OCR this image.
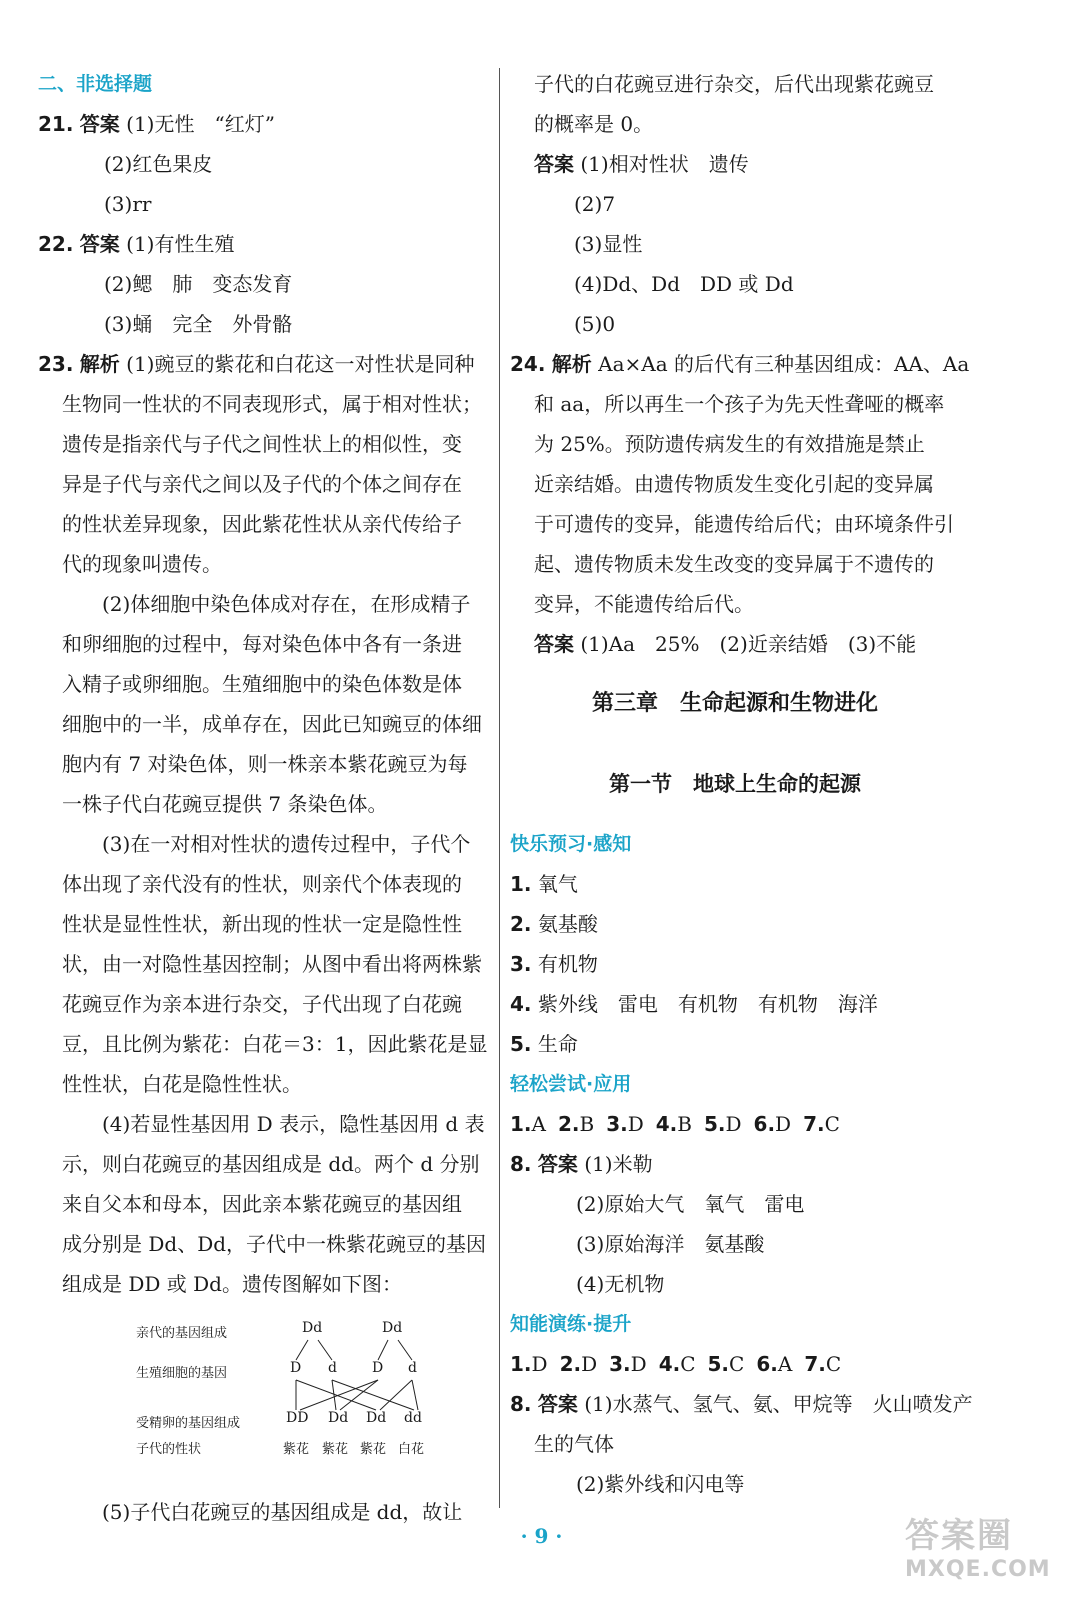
二、非选择题
21. 答案 (1)无性　“红灯”
(2)红色果皮
(3)rr
22. 答案 (1)有性生殖
(2)鳃　肺　变态发育
(3)蛹　完全　外骨骼
23. 解析 (1)豌豆的紫花和白花这一对性状是同种
生物同一性状的不同表现形式，属于相对性状；
遗传是指亲代与子代之间性状上的相似性，变
异是子代与亲代之间以及子代的个体之间存在
的性状差异现象，因此紫花性状从亲代传给子
代的现象叫遗传。
(2)体细胞中染色体成对存在，在形成精子
和卵细胞的过程中，每对染色体中各有一条进
入精子或卵细胞。生殖细胞中的染色体数是体
细胞中的一半，成单存在，因此已知豌豆的体细
胞内有 7 对染色体，则一株亲本紫花豌豆为每
一株子代白花豌豆提供 7 条染色体。
(3)在一对相对性状的遗传过程中，子代个
体出现了亲代没有的性状，则亲代个体表现的
性状是显性性状，新出现的性状一定是隐性性
状，由一对隐性基因控制；从图中看出将两株紫
花豌豆作为亲本进行杂交，子代出现了白花豌
豆，且比例为紫花：白花＝3：1，因此紫花是显
性性状，白花是隐性性状。
(4)若显性基因用 D 表示，隐性基因用 d 表
示，则白花豌豆的基因组成是 dd。两个 d 分别
来自父本和母本，因此亲本紫花豌豆的基因组
成分别是 Dd、Dd，子代中一株紫花豌豆的基因
组成是 DD 或 Dd。遗传图解如下图：
亲代的基因组成
生殖细胞的基因
受精卵的基因组成
子代的性状
Dd	Dd
D d	D d
DD Dd Dd dd
紫花 紫花 紫花 白花
(5)子代白花豌豆的基因组成是 dd，故让
子代的白花豌豆进行杂交，后代出现紫花豌豆
的概率是 0。
答案 (1)相对性状　遗传
(2)7
(3)显性
(4)Dd、Dd　DD 或 Dd
(5)0
24. 解析 Aa×Aa 的后代有三种基因组成：AA、Aa
和 aa，所以再生一个孩子为先天性聋哑的概率
为 25%。预防遗传病发生的有效措施是禁止
近亲结婚。由遗传物质发生变化引起的变异属
于可遗传的变异，能遗传给后代；由环境条件引
起、遗传物质未发生改变的变异属于不遗传的
变异，不能遗传给后代。
答案 (1)Aa　25%　(2)近亲结婚　(3)不能
第三章　生命起源和生物进化
第一节　地球上生命的起源
快乐预习·感知
1. 氧气
2. 氨基酸
3. 有机物
4. 紫外线　雷电　有机物　有机物　海洋
5. 生命
轻松尝试·应用
1.A 2.B 3.D 4.B 5.D 6.D 7.C
8. 答案 (1)米勒
(2)原始大气　氧气　雷电
(3)原始海洋　氨基酸
(4)无机物
知能演练·提升
1.D 2.D 3.D 4.C 5.C 6.A 7.C
8. 答案 (1)水蒸气、氢气、氨、甲烷等　火山喷发产
生的气体
(2)紫外线和闪电等
· 9 ·	答案圈
MXQE.COM
